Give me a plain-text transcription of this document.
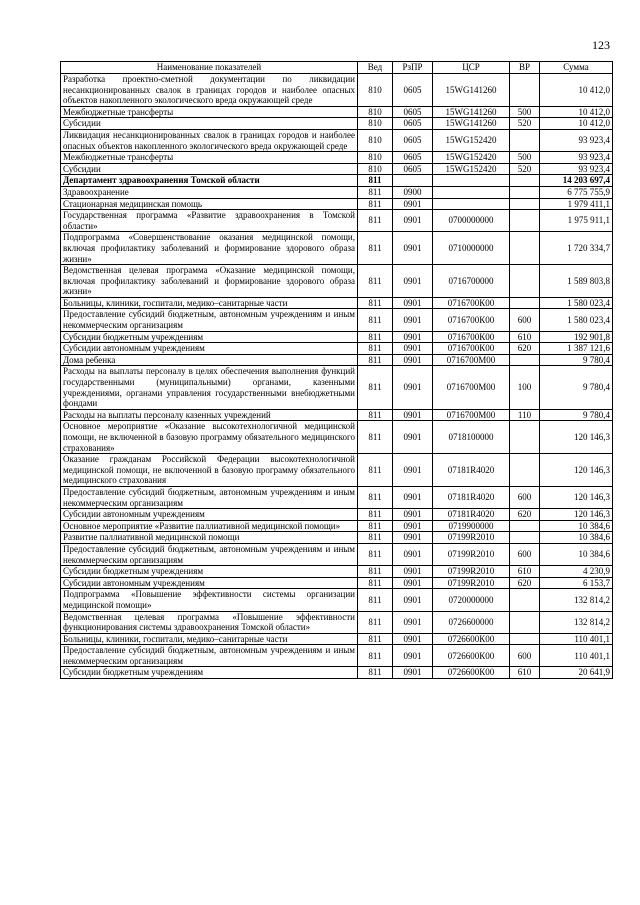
123
Наименование показателей	Вед	РзПР	ЦСР	ВР	Сумма
Разработка проектно-сметной документации по ликвидации несанкционированных свалок в границах городов и наиболее опасных объектов накопленного экологического вреда окружающей среде	810	0605	15WG141260		10 412,0
Межбюджетные трансферты	810	0605	15WG141260	500	10 412,0
Субсидии	810	0605	15WG141260	520	10 412,0
Ликвидация несанкционированных свалок в границах городов и наиболее опасных объектов накопленного экологического вреда окружающей среде	810	0605	15WG152420		93 923,4
Межбюджетные трансферты	810	0605	15WG152420	500	93 923,4
Субсидии	810	0605	15WG152420	520	93 923,4
Департамент здравоохранения Томской области	811				14 203 697,4
Здравоохранение	811	0900			6 775 755,9
Стационарная медицинская помощь	811	0901			1 979 411,1
Государственная программа «Развитие здравоохранения в Томской области»	811	0901	0700000000		1 975 911,1
Подпрограмма «Совершенствование оказания медицинской помощи, включая профилактику заболеваний и формирование здорового образа жизни»	811	0901	0710000000		1 720 334,7
Ведомственная целевая программа «Оказание медицинской помощи, включая профилактику заболеваний и формирование здорового образа жизни»	811	0901	0716700000		1 589 803,8
Больницы, клиники, госпитали, медико–санитарные части	811	0901	0716700К00		1 580 023,4
Предоставление субсидий бюджетным, автономным учреждениям и иным некоммерческим организациям	811	0901	0716700К00	600	1 580 023,4
Субсидии бюджетным учреждениям	811	0901	0716700К00	610	192 901,8
Субсидии автономным учреждениям	811	0901	0716700К00	620	1 387 121,6
Дома ребенка	811	0901	0716700М00		9 780,4
Расходы на выплаты персоналу в целях обеспечения выполнения функций государственными (муниципальными) органами, казенными учреждениями, органами управления государственными внебюджетными фондами	811	0901	0716700М00	100	9 780,4
Расходы на выплаты персоналу казенных учреждений	811	0901	0716700М00	110	9 780,4
Основное мероприятие «Оказание высокотехнологичной медицинской помощи, не включенной в базовую программу обязательного медицинского страхования»	811	0901	0718100000		120 146,3
Оказание гражданам Российской Федерации высокотехнологичной медицинской помощи, не включенной в базовую программу обязательного медицинского страхования	811	0901	07181R4020		120 146,3
Предоставление субсидий бюджетным, автономным учреждениям и иным некоммерческим организациям	811	0901	07181R4020	600	120 146,3
Субсидии автономным учреждениям	811	0901	07181R4020	620	120 146,3
Основное мероприятие «Развитие паллиативной медицинской помощи»	811	0901	0719900000		10 384,6
Развитие паллиативной медицинской помощи	811	0901	07199R2010		10 384,6
Предоставление субсидий бюджетным, автономным учреждениям и иным некоммерческим организациям	811	0901	07199R2010	600	10 384,6
Субсидии бюджетным учреждениям	811	0901	07199R2010	610	4 230,9
Субсидии автономным учреждениям	811	0901	07199R2010	620	6 153,7
Подпрограмма «Повышение эффективности системы организации медицинской помощи»	811	0901	0720000000		132 814,2
Ведомственная целевая программа «Повышение эффективности функционирования системы здравоохранения Томской области»	811	0901	0726600000		132 814,2
Больницы, клиники, госпитали, медико–санитарные части	811	0901	0726600К00		110 401,1
Предоставление субсидий бюджетным, автономным учреждениям и иным некоммерческим организациям	811	0901	0726600К00	600	110 401,1
Субсидии бюджетным учреждениям	811	0901	0726600К00	610	20 641,9
